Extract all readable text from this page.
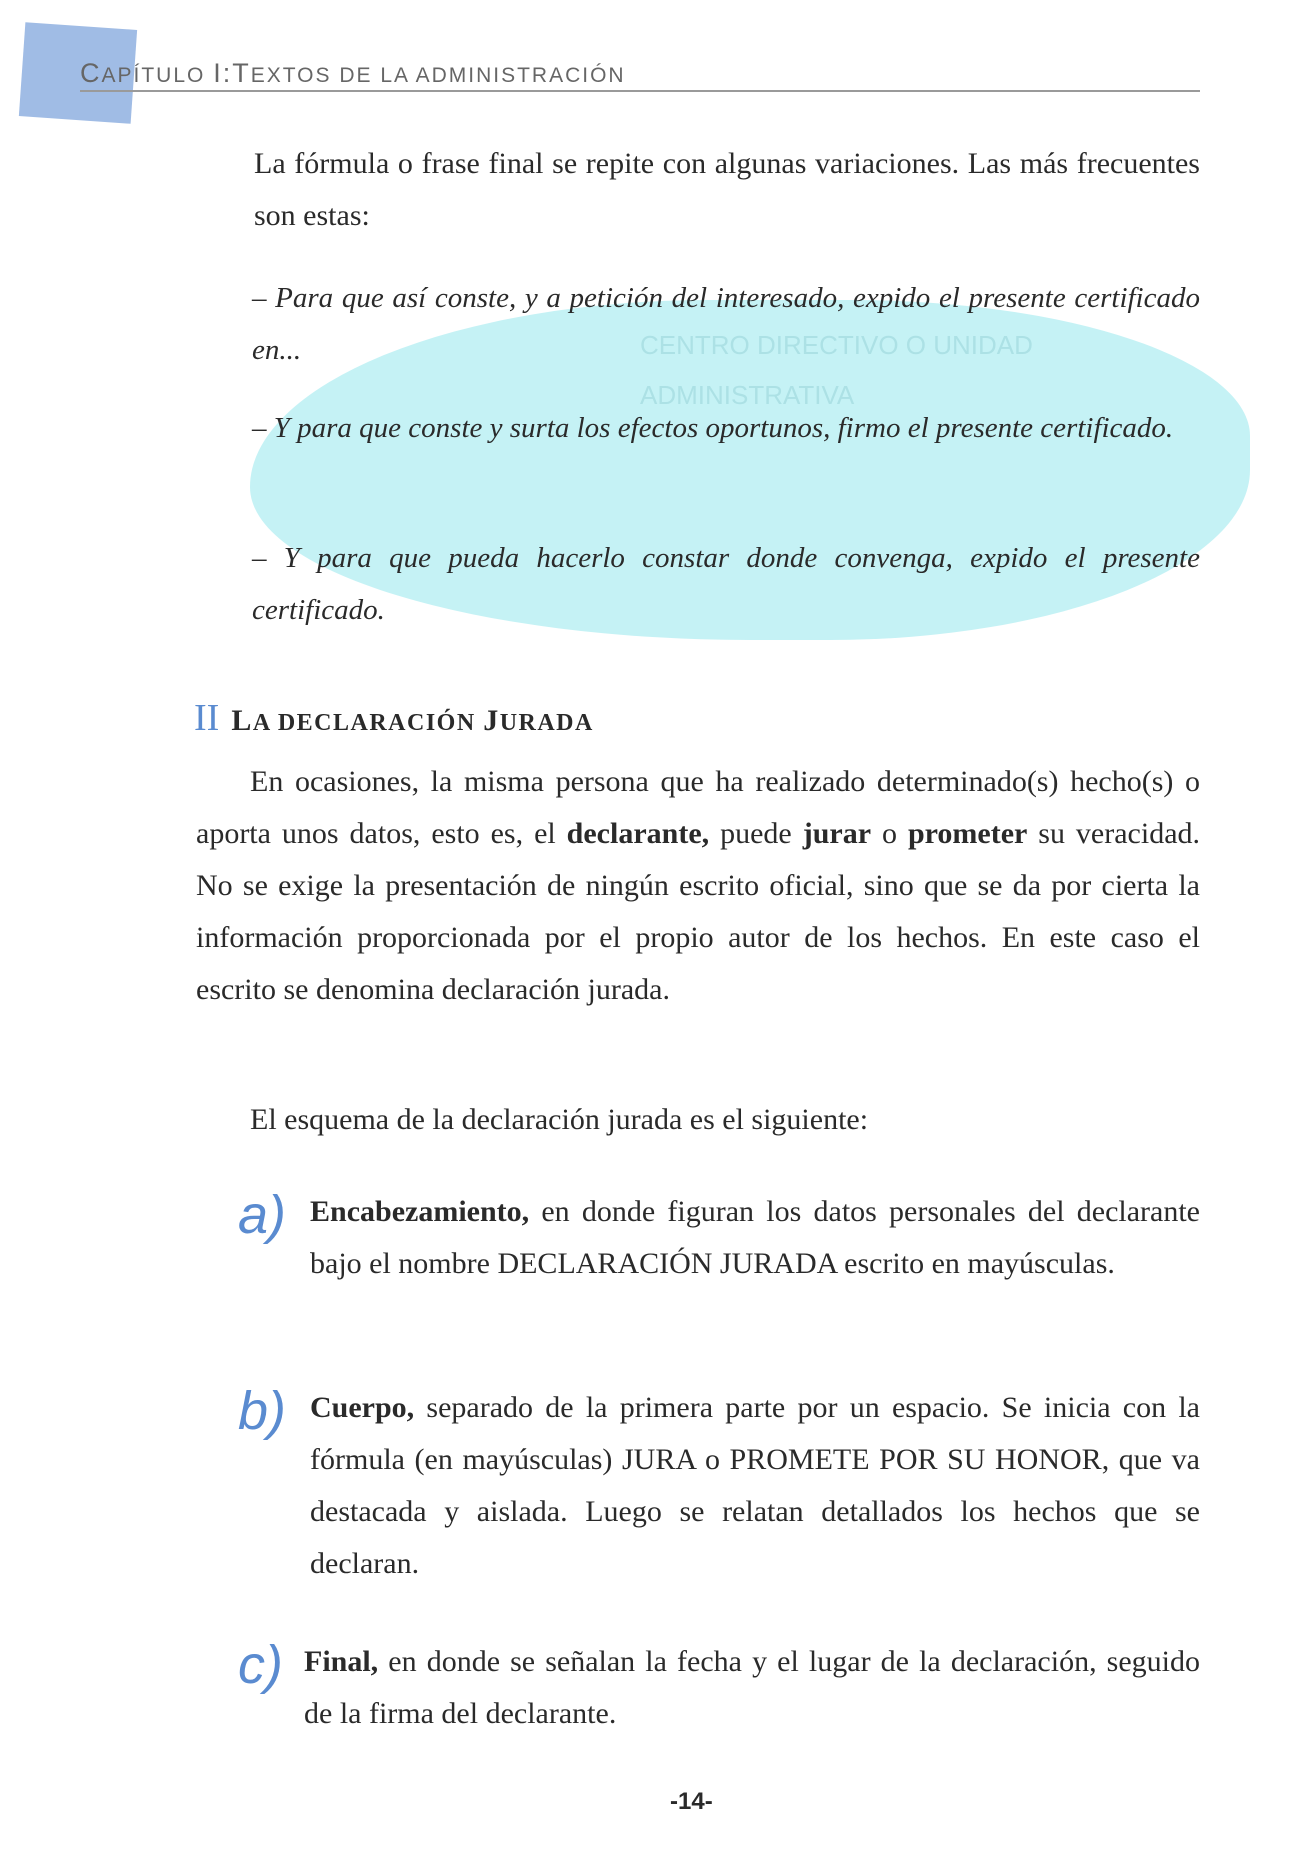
CAPÍTULO I:TEXTOS DE LA ADMINISTRACIÓN
CENTRO DIRECTIVO O UNIDAD
ADMINISTRATIVA

La fórmula o frase final se repite con algunas variaciones. Las más frecuentes son estas:

– Para que así conste, y a petición del interesado, expido el presente certificado en...

– Y para que conste y surta los efectos oportunos, firmo el presente certificado.

– Y para que pueda hacerlo constar donde convenga, expido el presente certificado.

II LA DECLARACIÓN JURADA

En ocasiones, la misma persona que ha realizado determinado(s) hecho(s) o aporta unos datos, esto es, el declarante, puede jurar o prometer su veracidad. No se exige la presentación de ningún escrito oficial, sino que se da por cierta la información proporcionada por el propio autor de los hechos. En este caso el escrito se denomina declaración jurada.

El esquema de la declaración jurada es el siguiente:

a) Encabezamiento, en donde figuran los datos personales del declarante bajo el nombre DECLARACIÓN JURADA escrito en mayúsculas.

b) Cuerpo, separado de la primera parte por un espacio. Se inicia con la fórmula (en mayúsculas) JURA o PROMETE POR SU HONOR, que va destacada y aislada. Luego se relatan detallados los hechos que se declaran.

c) Final, en donde se señalan la fecha y el lugar de la declaración, seguido de la firma del declarante.

-14-
